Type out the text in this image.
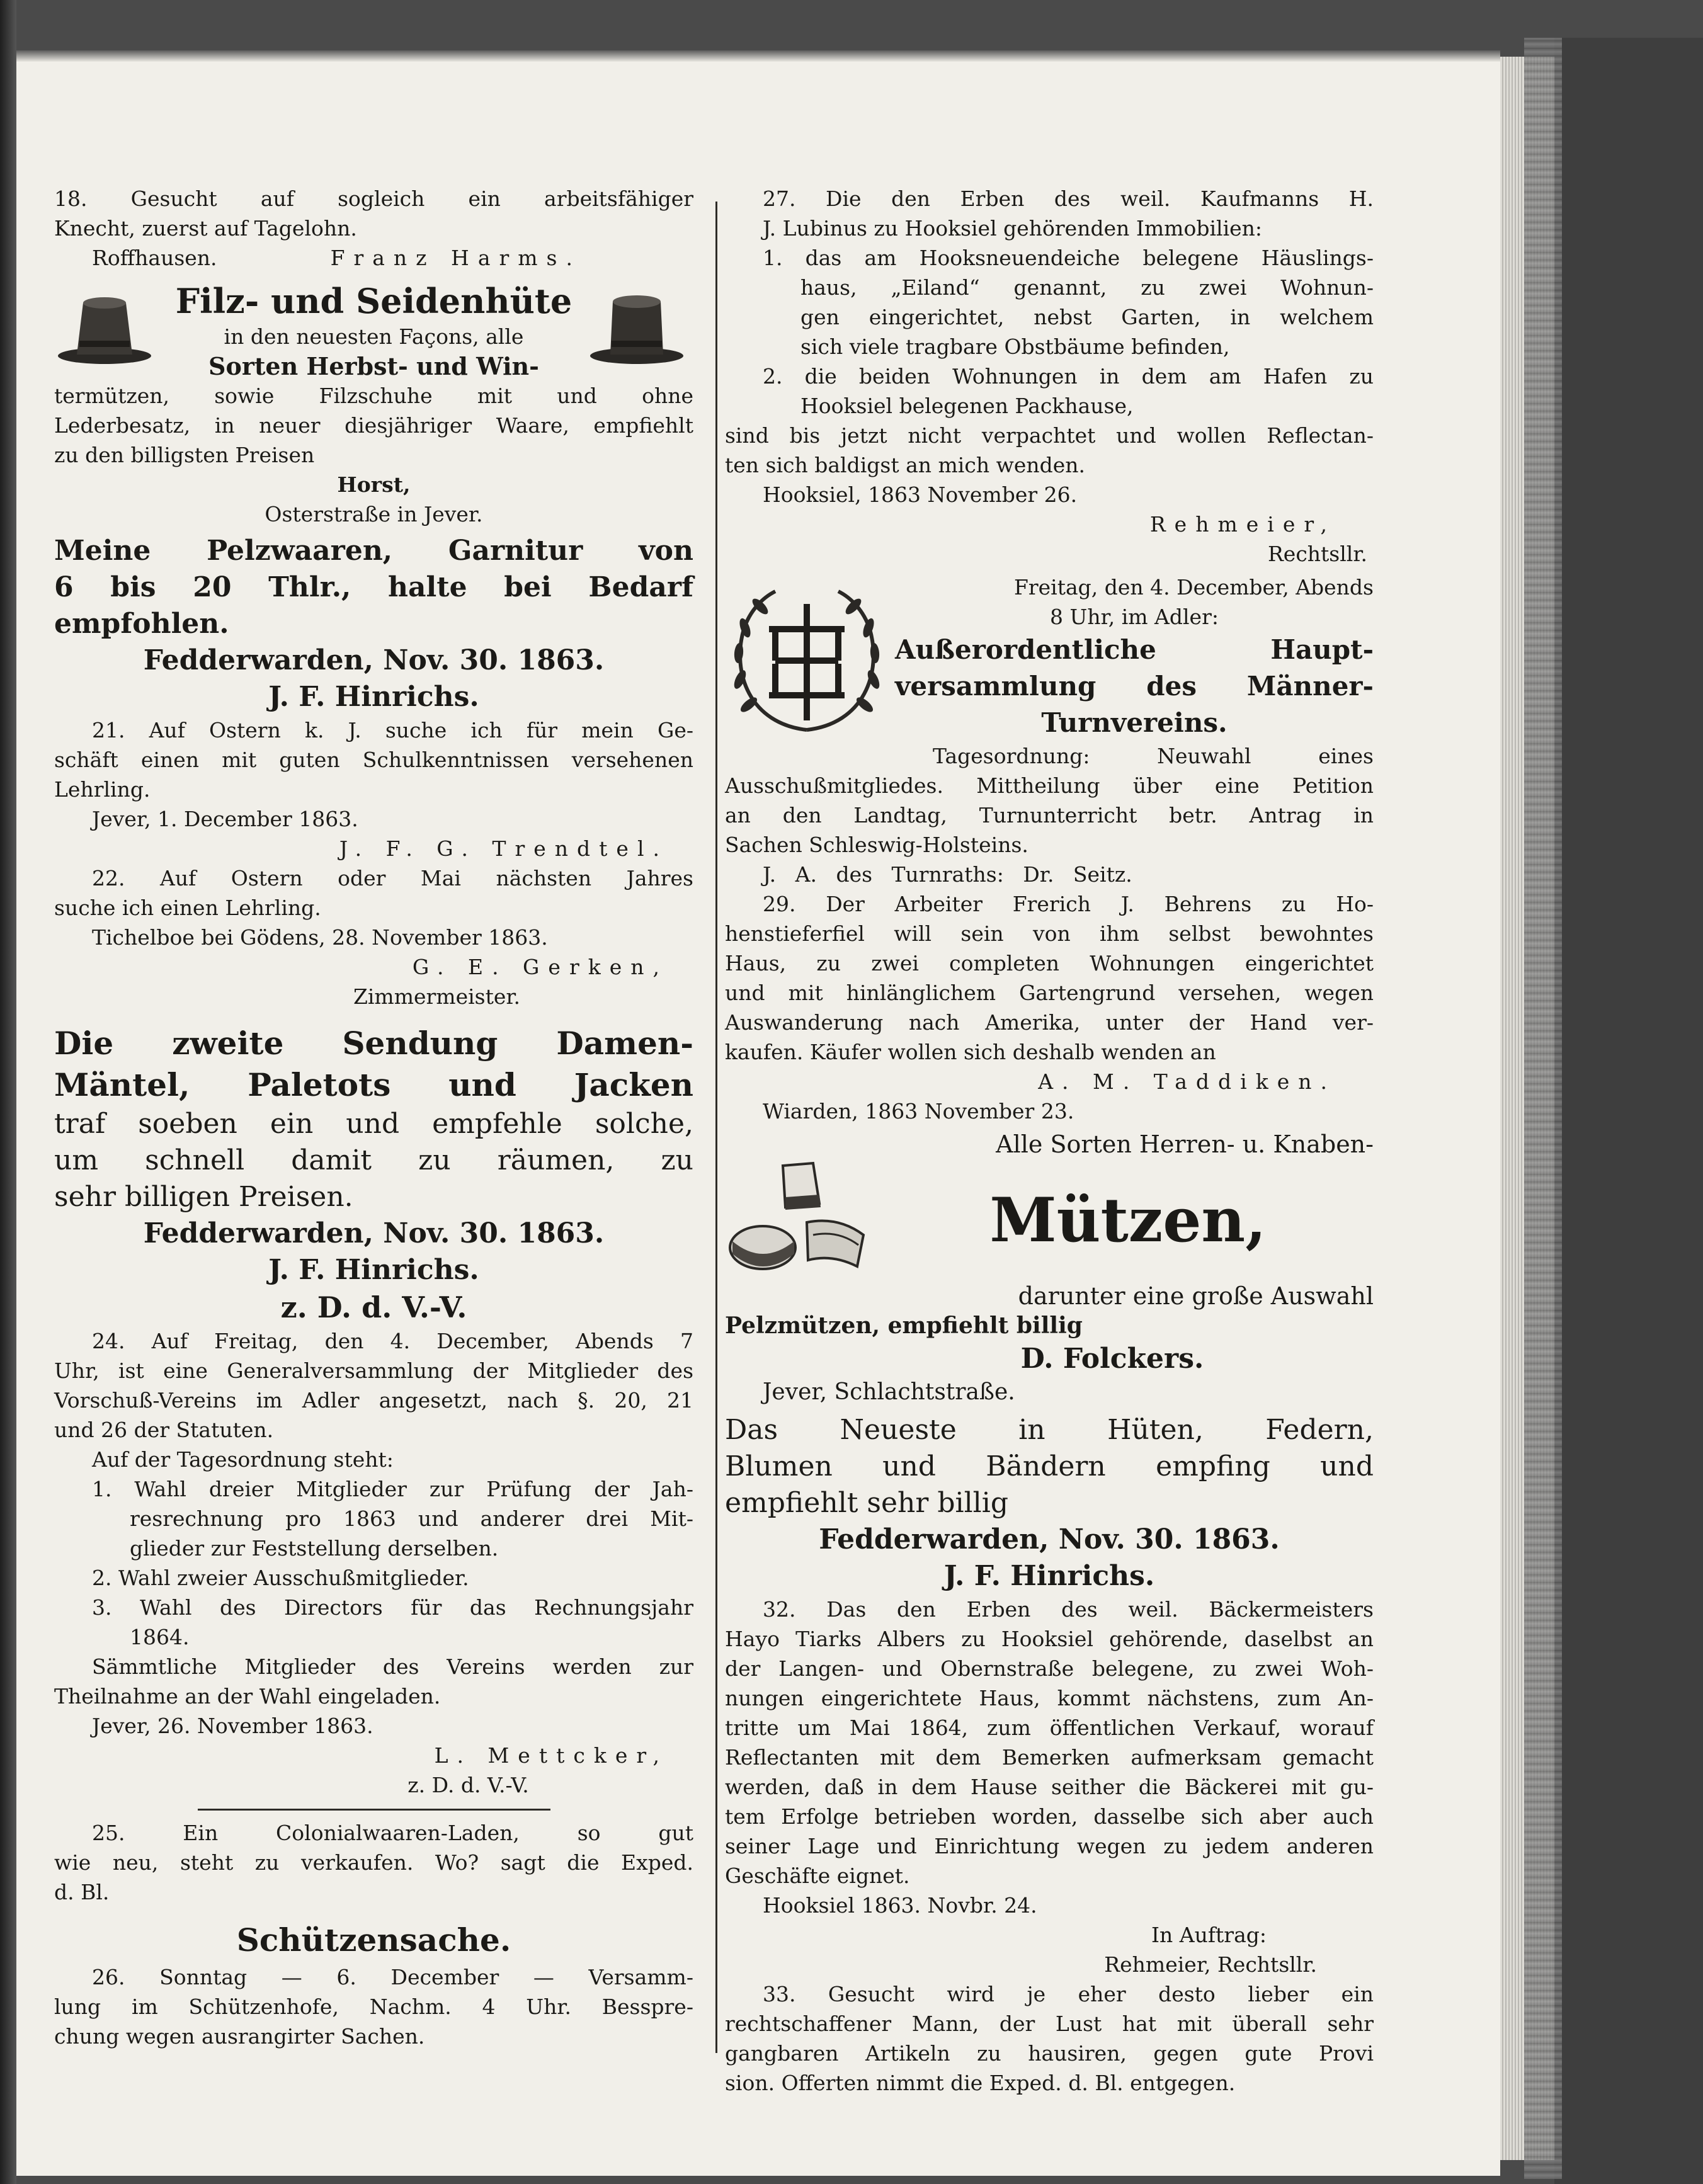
18. Gesucht auf sogleich ein arbeitsfähiger

Knecht, zuerst auf Tagelohn.

Roffhausen.	Franz Harms.

Filz- und Seidenhüte

in den neuesten Façons, alle

Sorten Herbst- und Win-

termützen, sowie Filzschuhe mit und ohne

Lederbesatz, in neuer diesjähriger Waare, empfiehlt

zu den billigsten Preisen

Horst,

Osterstraße in Jever.

Meine Pelzwaaren, Garnitur von

6 bis 20 Thlr., halte bei Bedarf

empfohlen.

Fedderwarden, Nov. 30. 1863.

J. F. Hinrichs.

21. Auf Ostern k. J. suche ich für mein Ge-

schäft einen mit guten Schulkenntnissen versehenen

Lehrling.

Jever, 1. December 1863.

J. F. G. Trendtel.

22. Auf Ostern oder Mai nächsten Jahres

suche ich einen Lehrling.

Tichelboe bei Gödens, 28. November 1863.

G. E. Gerken,

Zimmermeister.

Die zweite Sendung Damen-

Mäntel, Paletots und Jacken

traf soeben ein und empfehle solche,

um schnell damit zu räumen, zu

sehr billigen Preisen.

Fedderwarden, Nov. 30. 1863.

J. F. Hinrichs.

z. D. d. V.-V.

24. Auf Freitag, den 4. December, Abends 7

Uhr, ist eine Generalversammlung der Mitglieder des

Vorschuß-Vereins im Adler angesetzt, nach §. 20, 21

und 26 der Statuten.

Auf der Tagesordnung steht:

1. Wahl dreier Mitglieder zur Prüfung der Jah-

resrechnung pro 1863 und anderer drei Mit-

glieder zur Feststellung derselben.

2. Wahl zweier Ausschußmitglieder.

3. Wahl des Directors für das Rechnungsjahr

1864.

Sämmtliche Mitglieder des Vereins werden zur

Theilnahme an der Wahl eingeladen.

Jever, 26. November 1863.

L. Mettcker,

z. D. d. V.-V.

25. Ein Colonialwaaren-Laden, so gut

wie neu, steht zu verkaufen. Wo? sagt die Exped.

d. Bl.

Schützensache.

26. Sonntag — 6. December — Versamm-

lung im Schützenhofe, Nachm. 4 Uhr. Besspre-

chung wegen ausrangirter Sachen.

27. Die den Erben des weil. Kaufmanns H.

J. Lubinus zu Hooksiel gehörenden Immobilien:

1. das am Hooksneuendeiche belegene Häuslings-

haus, „Eiland“ genannt, zu zwei Wohnun-

gen eingerichtet, nebst Garten, in welchem

sich viele tragbare Obstbäume befinden,

2. die beiden Wohnungen in dem am Hafen zu

Hooksiel belegenen Packhause,

sind bis jetzt nicht verpachtet und wollen Reflectan-

ten sich baldigst an mich wenden.

Hooksiel, 1863 November 26.

Rehmeier,

Rechtsllr.

Freitag, den 4. December, Abends

8 Uhr, im Adler:

Außerordentliche Haupt-

versammlung des Männer-

Turnvereins.

Tagesordnung: Neuwahl eines

Ausschußmitgliedes. Mittheilung über eine Petition

an den Landtag, Turnunterricht betr. Antrag in

Sachen Schleswig-Holsteins.

J. A. des Turnraths: Dr. Seitz.

29. Der Arbeiter Frerich J. Behrens zu Ho-

henstieferfiel will sein von ihm selbst bewohntes

Haus, zu zwei completen Wohnungen eingerichtet

und mit hinlänglichem Gartengrund versehen, wegen

Auswanderung nach Amerika, unter der Hand ver-

kaufen. Käufer wollen sich deshalb wenden an

A. M. Taddiken.

Wiarden, 1863 November 23.

Alle Sorten Herren- u. Knaben-

Mützen,

darunter eine große Auswahl

Pelzmützen, empfiehlt billig

D. Folckers.

Jever, Schlachtstraße.

Das Neueste in Hüten, Federn,

Blumen und Bändern empfing und

empfiehlt sehr billig

Fedderwarden, Nov. 30. 1863.

J. F. Hinrichs.

32. Das den Erben des weil. Bäckermeisters

Hayo Tiarks Albers zu Hooksiel gehörende, daselbst an

der Langen- und Obernstraße belegene, zu zwei Woh-

nungen eingerichtete Haus, kommt nächstens, zum An-

tritte um Mai 1864, zum öffentlichen Verkauf, worauf

Reflectanten mit dem Bemerken aufmerksam gemacht

werden, daß in dem Hause seither die Bäckerei mit gu-

tem Erfolge betrieben worden, dasselbe sich aber auch

seiner Lage und Einrichtung wegen zu jedem anderen

Geschäfte eignet.

Hooksiel 1863. Novbr. 24.

In Auftrag:

Rehmeier, Rechtsllr.

33. Gesucht wird je eher desto lieber ein

rechtschaffener Mann, der Lust hat mit überall sehr

gangbaren Artikeln zu hausiren, gegen gute Provi

sion. Offerten nimmt die Exped. d. Bl. entgegen.
